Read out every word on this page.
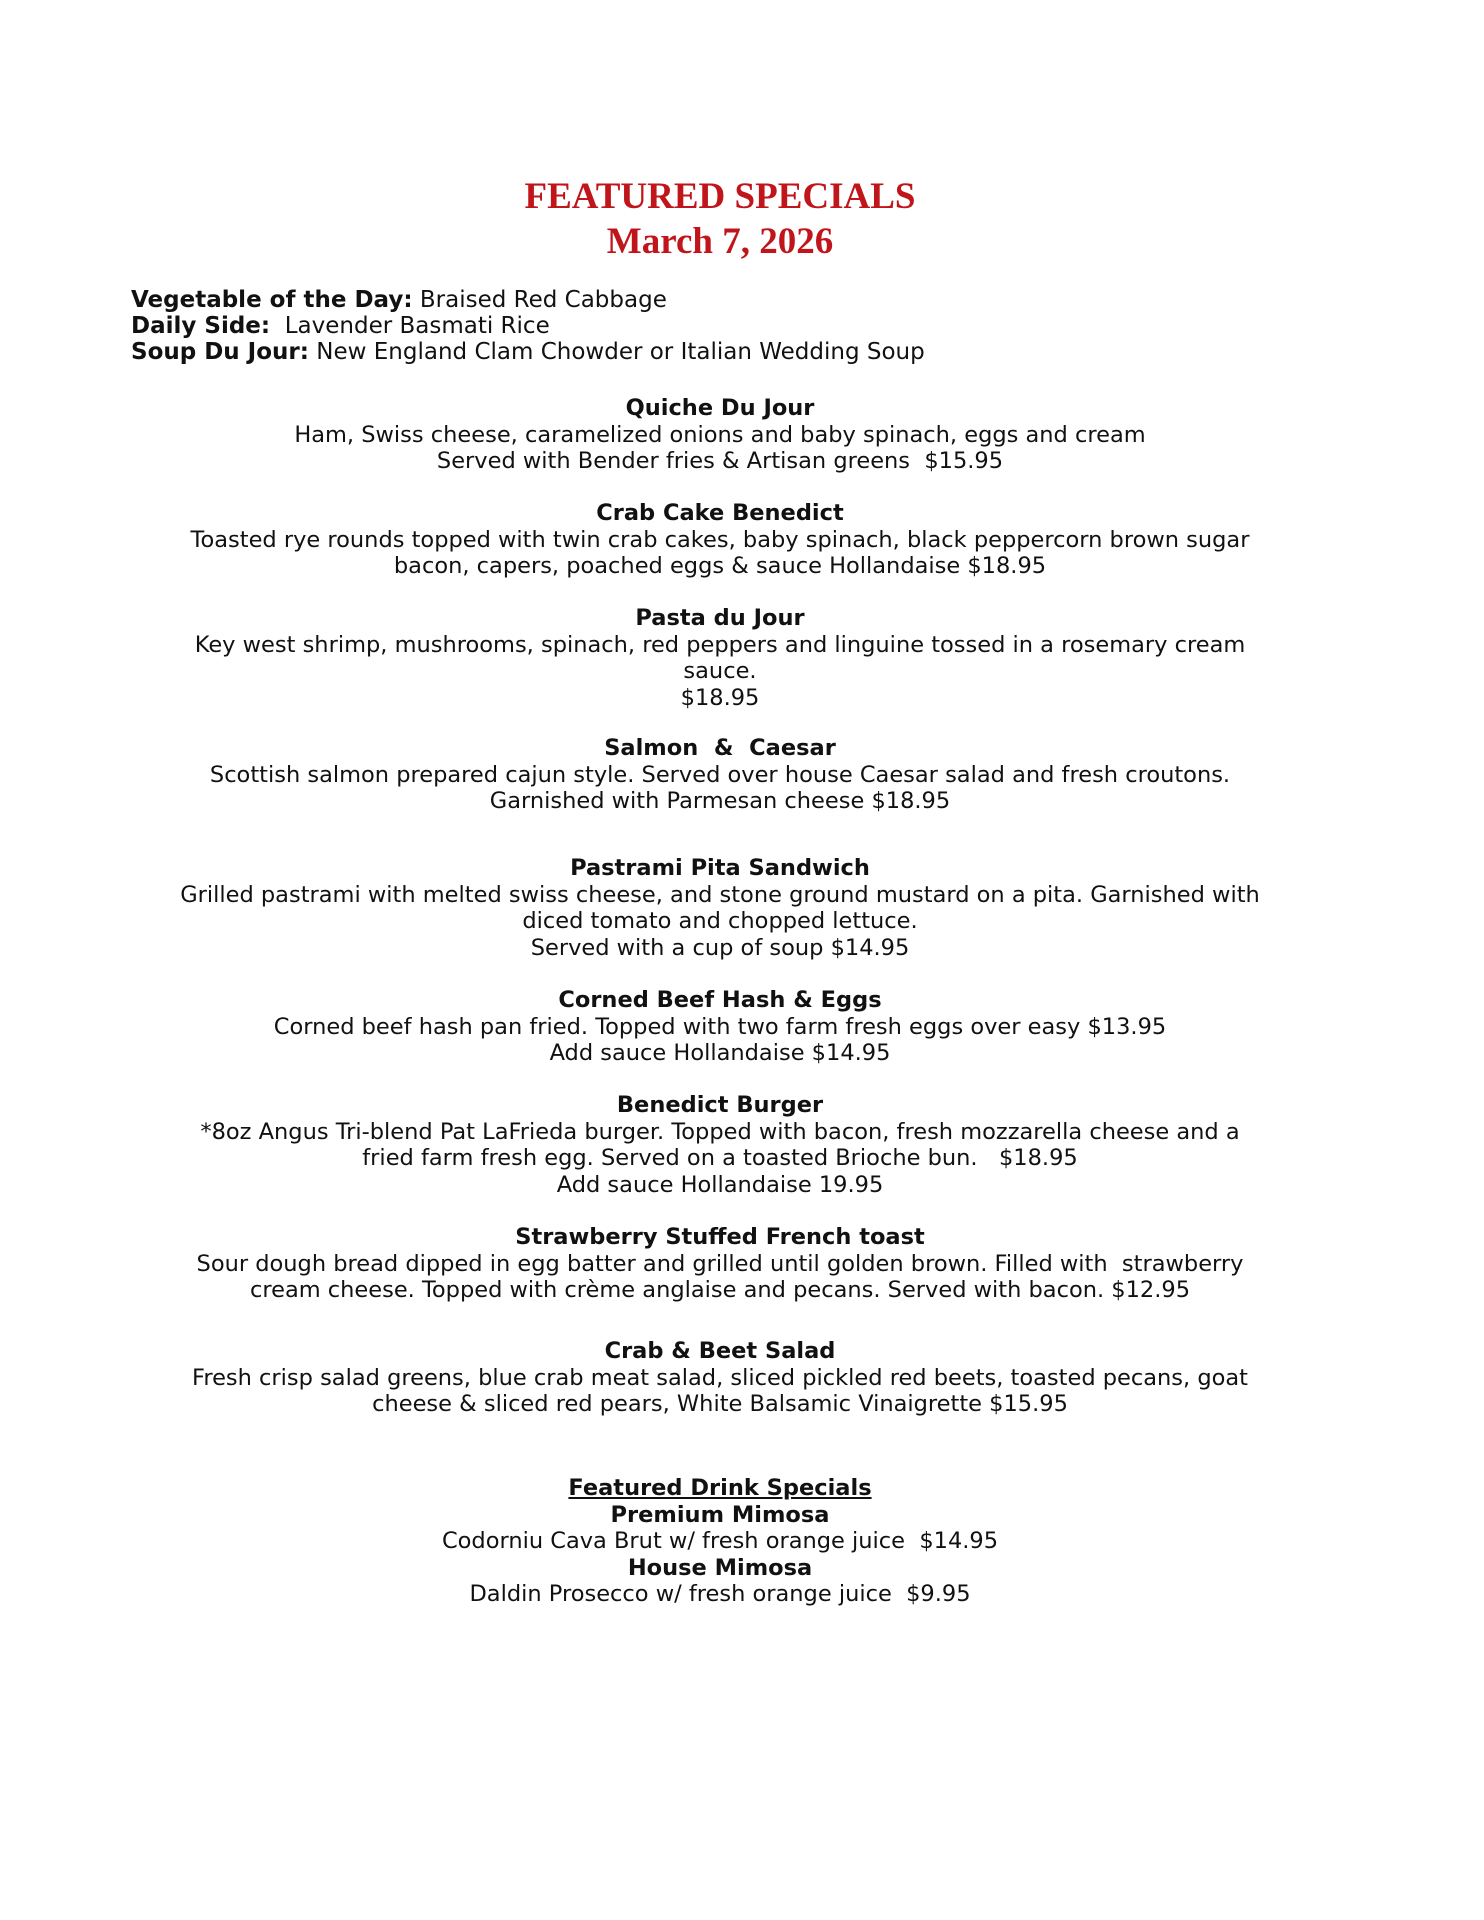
FEATURED SPECIALS
March 7, 2026
Vegetable of the Day: Braised Red Cabbage
Daily Side:  Lavender Basmati Rice
Soup Du Jour: New England Clam Chowder or Italian Wedding Soup
Quiche Du Jour
Ham, Swiss cheese, caramelized onions and baby spinach, eggs and cream
Served with Bender fries & Artisan greens  $15.95
Crab Cake Benedict
Toasted rye rounds topped with twin crab cakes, baby spinach, black peppercorn brown sugar
bacon, capers, poached eggs & sauce Hollandaise $18.95
Pasta du Jour
Key west shrimp, mushrooms, spinach, red peppers and linguine tossed in a rosemary cream
sauce.
$18.95
Salmon  &  Caesar
Scottish salmon prepared cajun style. Served over house Caesar salad and fresh croutons.
Garnished with Parmesan cheese $18.95
Pastrami Pita Sandwich
Grilled pastrami with melted swiss cheese, and stone ground mustard on a pita. Garnished with
diced tomato and chopped lettuce.
Served with a cup of soup $14.95
Corned Beef Hash & Eggs
Corned beef hash pan fried. Topped with two farm fresh eggs over easy $13.95
Add sauce Hollandaise $14.95
Benedict Burger
*8oz Angus Tri-blend Pat LaFrieda burger. Topped with bacon, fresh mozzarella cheese and a
fried farm fresh egg. Served on a toasted Brioche bun.   $18.95
Add sauce Hollandaise 19.95
Strawberry Stuffed French toast
Sour dough bread dipped in egg batter and grilled until golden brown. Filled with  strawberry
cream cheese. Topped with crème anglaise and pecans. Served with bacon. $12.95
Crab & Beet Salad
Fresh crisp salad greens, blue crab meat salad, sliced pickled red beets, toasted pecans, goat
cheese & sliced red pears, White Balsamic Vinaigrette $15.95
Featured Drink Specials
Premium Mimosa
Codorniu Cava Brut w/ fresh orange juice  $14.95
House Mimosa
Daldin Prosecco w/ fresh orange juice  $9.95
